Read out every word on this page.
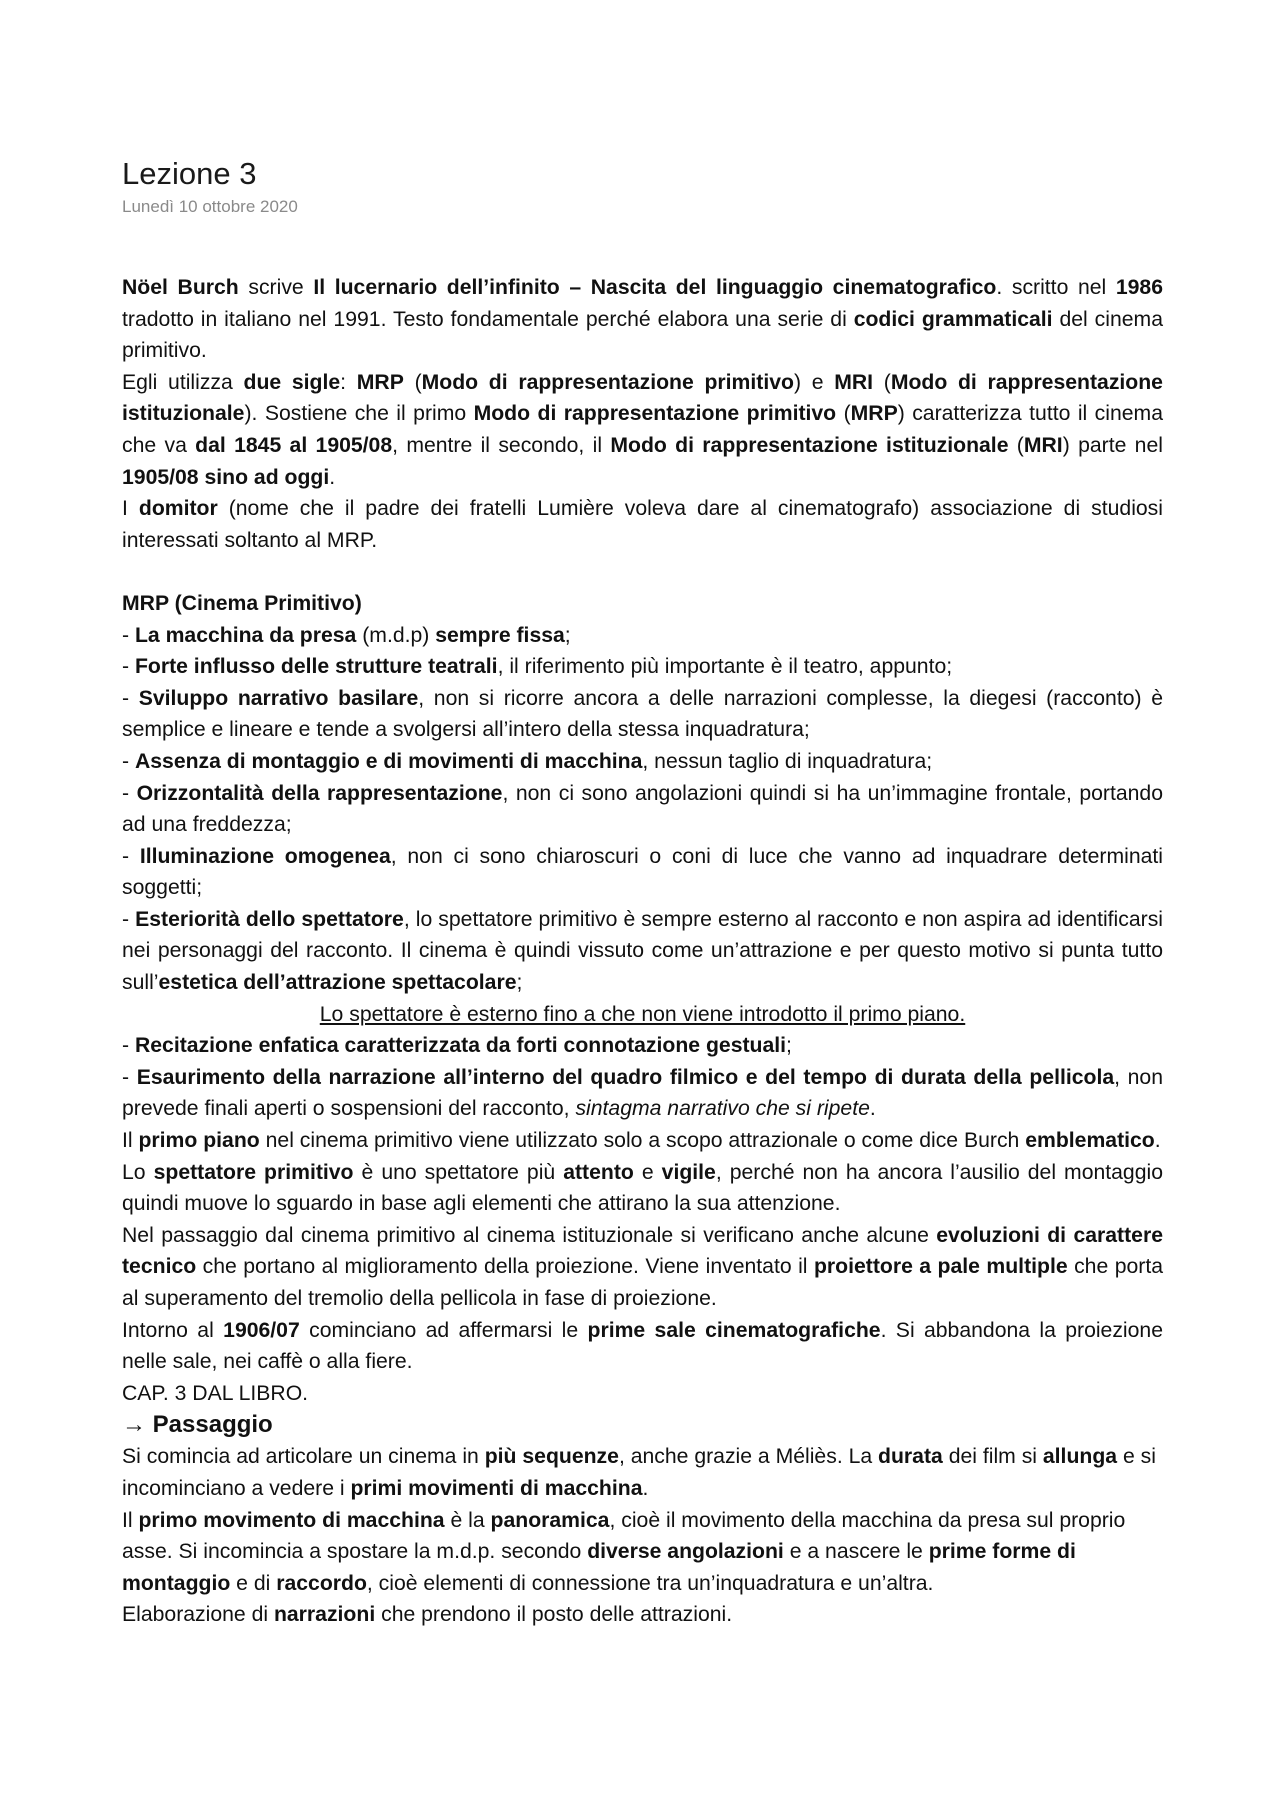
Lezione 3
Lunedì 10 ottobre 2020

Nöel Burch scrive Il lucernario dell’infinito – Nascita del linguaggio cinematografico. scritto nel 1986 tradotto in italiano nel 1991. Testo fondamentale perché elabora una serie di codici grammaticali del cinema primitivo.

Egli utilizza due sigle: MRP (Modo di rappresentazione primitivo) e MRI (Modo di rappresentazione istituzionale). Sostiene che il primo Modo di rappresentazione primitivo (MRP) caratterizza tutto il cinema che va dal 1845 al 1905/08, mentre il secondo, il Modo di rappresentazione istituzionale (MRI) parte nel 1905/08 sino ad oggi.

I domitor (nome che il padre dei fratelli Lumière voleva dare al cinematografo) associazione di studiosi interessati soltanto al MRP.

MRP (Cinema Primitivo)

- La macchina da presa (m.d.p) sempre fissa;

- Forte influsso delle strutture teatrali, il riferimento più importante è il teatro, appunto;

- Sviluppo narrativo basilare, non si ricorre ancora a delle narrazioni complesse, la diegesi (racconto) è semplice e lineare e tende a svolgersi all’intero della stessa inquadratura;

- Assenza di montaggio e di movimenti di macchina, nessun taglio di inquadratura;

- Orizzontalità della rappresentazione, non ci sono angolazioni quindi si ha un’immagine frontale, portando ad una freddezza;

- Illuminazione omogenea, non ci sono chiaroscuri o coni di luce che vanno ad inquadrare determinati soggetti;

- Esteriorità dello spettatore, lo spettatore primitivo è sempre esterno al racconto e non aspira ad identificarsi nei personaggi del racconto. Il cinema è quindi vissuto come un’attrazione e per questo motivo si punta tutto sull’estetica dell’attrazione spettacolare;

Lo spettatore è esterno fino a che non viene introdotto il primo piano.

- Recitazione enfatica caratterizzata da forti connotazione gestuali;

- Esaurimento della narrazione all’interno del quadro filmico e del tempo di durata della pellicola, non prevede finali aperti o sospensioni del racconto, sintagma narrativo che si ripete.

Il primo piano nel cinema primitivo viene utilizzato solo a scopo attrazionale o come dice Burch emblematico.

Lo spettatore primitivo è uno spettatore più attento e vigile, perché non ha ancora l’ausilio del montaggio quindi muove lo sguardo in base agli elementi che attirano la sua attenzione.

Nel passaggio dal cinema primitivo al cinema istituzionale si verificano anche alcune evoluzioni di carattere tecnico che portano al miglioramento della proiezione. Viene inventato il proiettore a pale multiple che porta al superamento del tremolio della pellicola in fase di proiezione.

Intorno al 1906/07 cominciano ad affermarsi le prime sale cinematografiche. Si abbandona la proiezione nelle sale, nei caffè o alla fiere.

CAP. 3 DAL LIBRO.

→ Passaggio

Si comincia ad articolare un cinema in più sequenze, anche grazie a Méliès. La durata dei film si allunga e si incominciano a vedere i primi movimenti di macchina.

Il primo movimento di macchina è la panoramica, cioè il movimento della macchina da presa sul proprio asse. Si incomincia a spostare la m.d.p. secondo diverse angolazioni e a nascere le prime forme di montaggio e di raccordo, cioè elementi di connessione tra un’inquadratura e un’altra.

Elaborazione di narrazioni che prendono il posto delle attrazioni.
